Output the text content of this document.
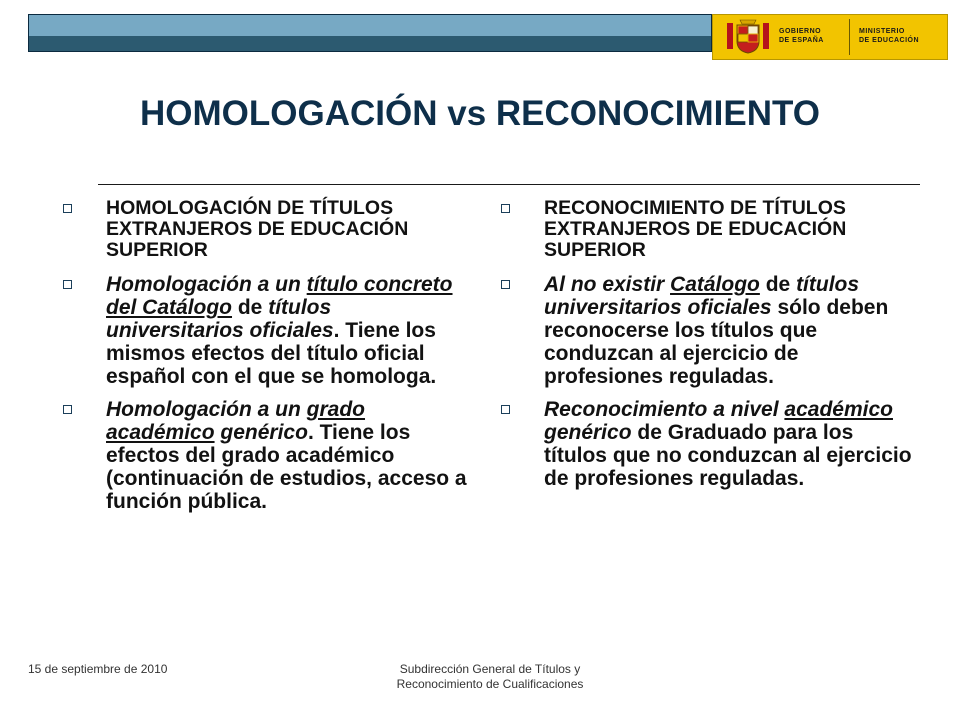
GOBIERNO
DE ESPAÑA
MINISTERIO
DE EDUCACIÓN
HOMOLOGACIÓN vs RECONOCIMIENTO
HOMOLOGACIÓN DE TÍTULOS EXTRANJEROS DE EDUCACIÓN SUPERIOR
Homologación a un título concreto del Catálogo de títulos universitarios oficiales. Tiene los mismos efectos del título oficial español con el que se homologa.
Homologación a un grado académico genérico. Tiene los efectos del grado académico (continuación de estudios, acceso a función pública.
RECONOCIMIENTO DE TÍTULOS EXTRANJEROS DE EDUCACIÓN SUPERIOR
Al no existir Catálogo de títulos universitarios oficiales sólo deben reconocerse los títulos que conduzcan al ejercicio de profesiones reguladas.
Reconocimiento a nivel académico genérico de Graduado para los títulos que no conduzcan al ejercicio de profesiones reguladas.
15 de septiembre de 2010	Subdirección General de Títulos y
Reconocimiento de Cualificaciones
